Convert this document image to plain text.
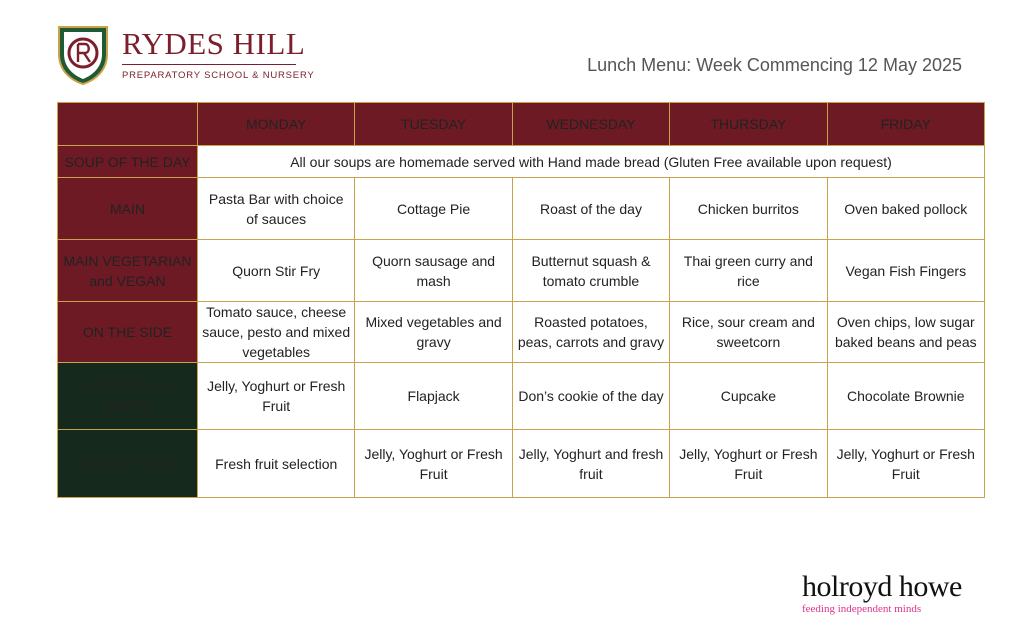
RYDES HILL
PREPARATORY SCHOOL & NURSERY
Lunch Menu: Week Commencing 12 May 2025
	MONDAY	TUESDAY	WEDNESDAY	THURSDAY	FRIDAY
SOUP OF THE DAY	All our soups are homemade served with Hand made bread (Gluten Free available upon request)				
MAIN	Pasta Bar with choice of sauces	Cottage Pie	Roast of the day	Chicken burritos	Oven baked pollock
MAIN VEGETARIAN and VEGAN	Quorn Stir Fry	Quorn sausage and mash	Butternut squash & tomato crumble	Thai green curry and rice	Vegan Fish Fingers
ON THE SIDE	Tomato sauce, cheese sauce, pesto and mixed vegetables	Mixed vegetables and gravy	Roasted potatoes, peas, carrots and gravy	Rice, sour cream and sweetcorn	Oven chips, low sugar baked beans and peas
SOMETHING SWEET	Jelly, Yoghurt or Fresh Fruit	Flapjack	Don’s cookie of the day	Cupcake	Chocolate Brownie
DESSERT POTS	Fresh fruit selection	Jelly, Yoghurt or Fresh Fruit	Jelly, Yoghurt and fresh fruit	Jelly, Yoghurt or Fresh Fruit	Jelly, Yoghurt or Fresh Fruit
holroyd howe
feeding independent minds
